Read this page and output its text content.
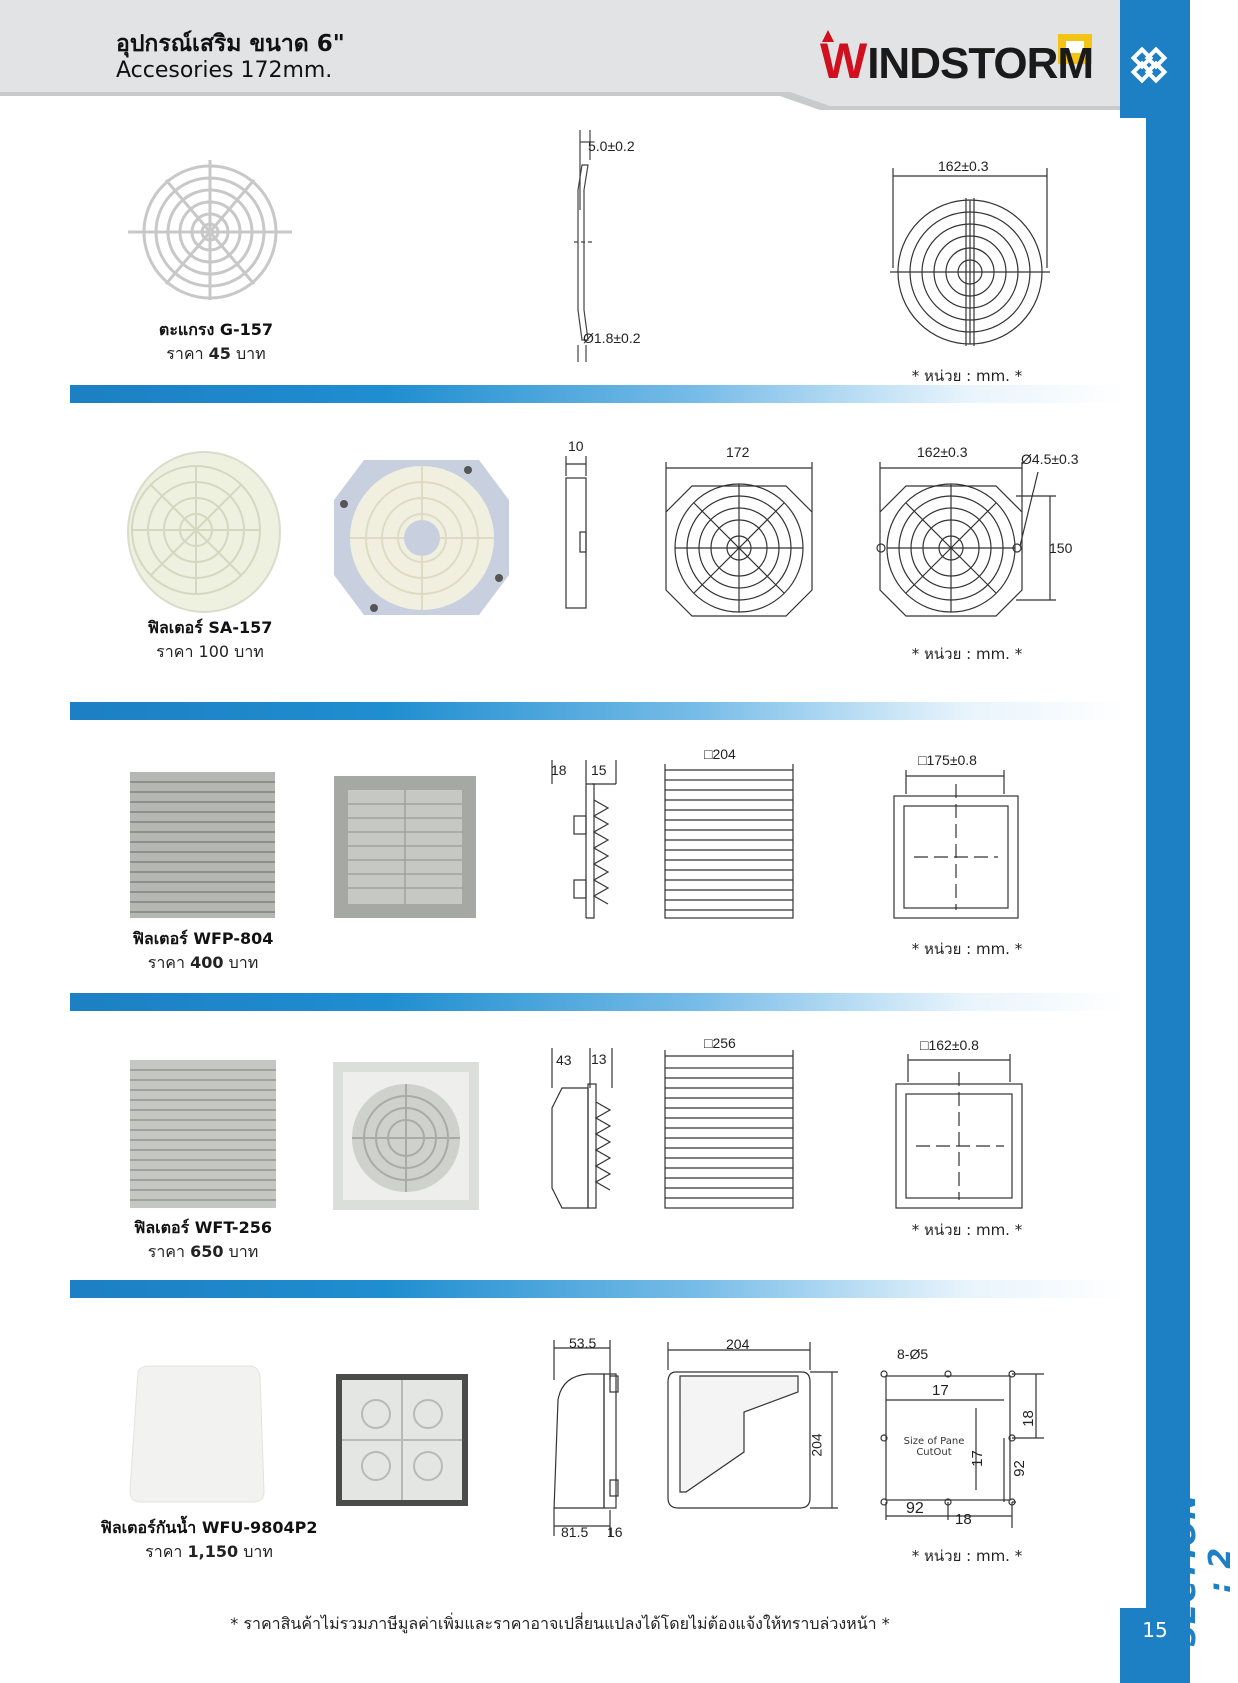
อุปกรณ์เสริม ขนาด 6"
Accesories 172mm.	WINDSTORM
SECTION : 2
15
ตะแกรง G-157
ราคา 45 บาท
5.0±0.2
Ø1.8±0.2
162±0.3
* หน่วย : mm. *
ฟิลเตอร์ SA-157
ราคา 100 บาท
10	172	162±0.3	Ø4.5±0.3
150
* หน่วย : mm. *
ฟิลเตอร์ WFP-804
ราคา 400 บาท
18 15
□204	□175±0.8
* หน่วย : mm. *
ฟิลเตอร์ WFT-256
ราคา 650 บาท
43 13
□256	□162±0.8
* หน่วย : mm. *
ฟิลเตอร์กันน้ำ WFU-9804P2
ราคา 1,150 บาท
53.5
81.5 16
204
204
8-Ø5
17
18
17
92
92
18
Size of Pane
CutOut
* หน่วย : mm. *
* ราคาสินค้าไม่รวมภาษีมูลค่าเพิ่มและราคาอาจเปลี่ยนแปลงได้โดยไม่ต้องแจ้งให้ทราบล่วงหน้า *
